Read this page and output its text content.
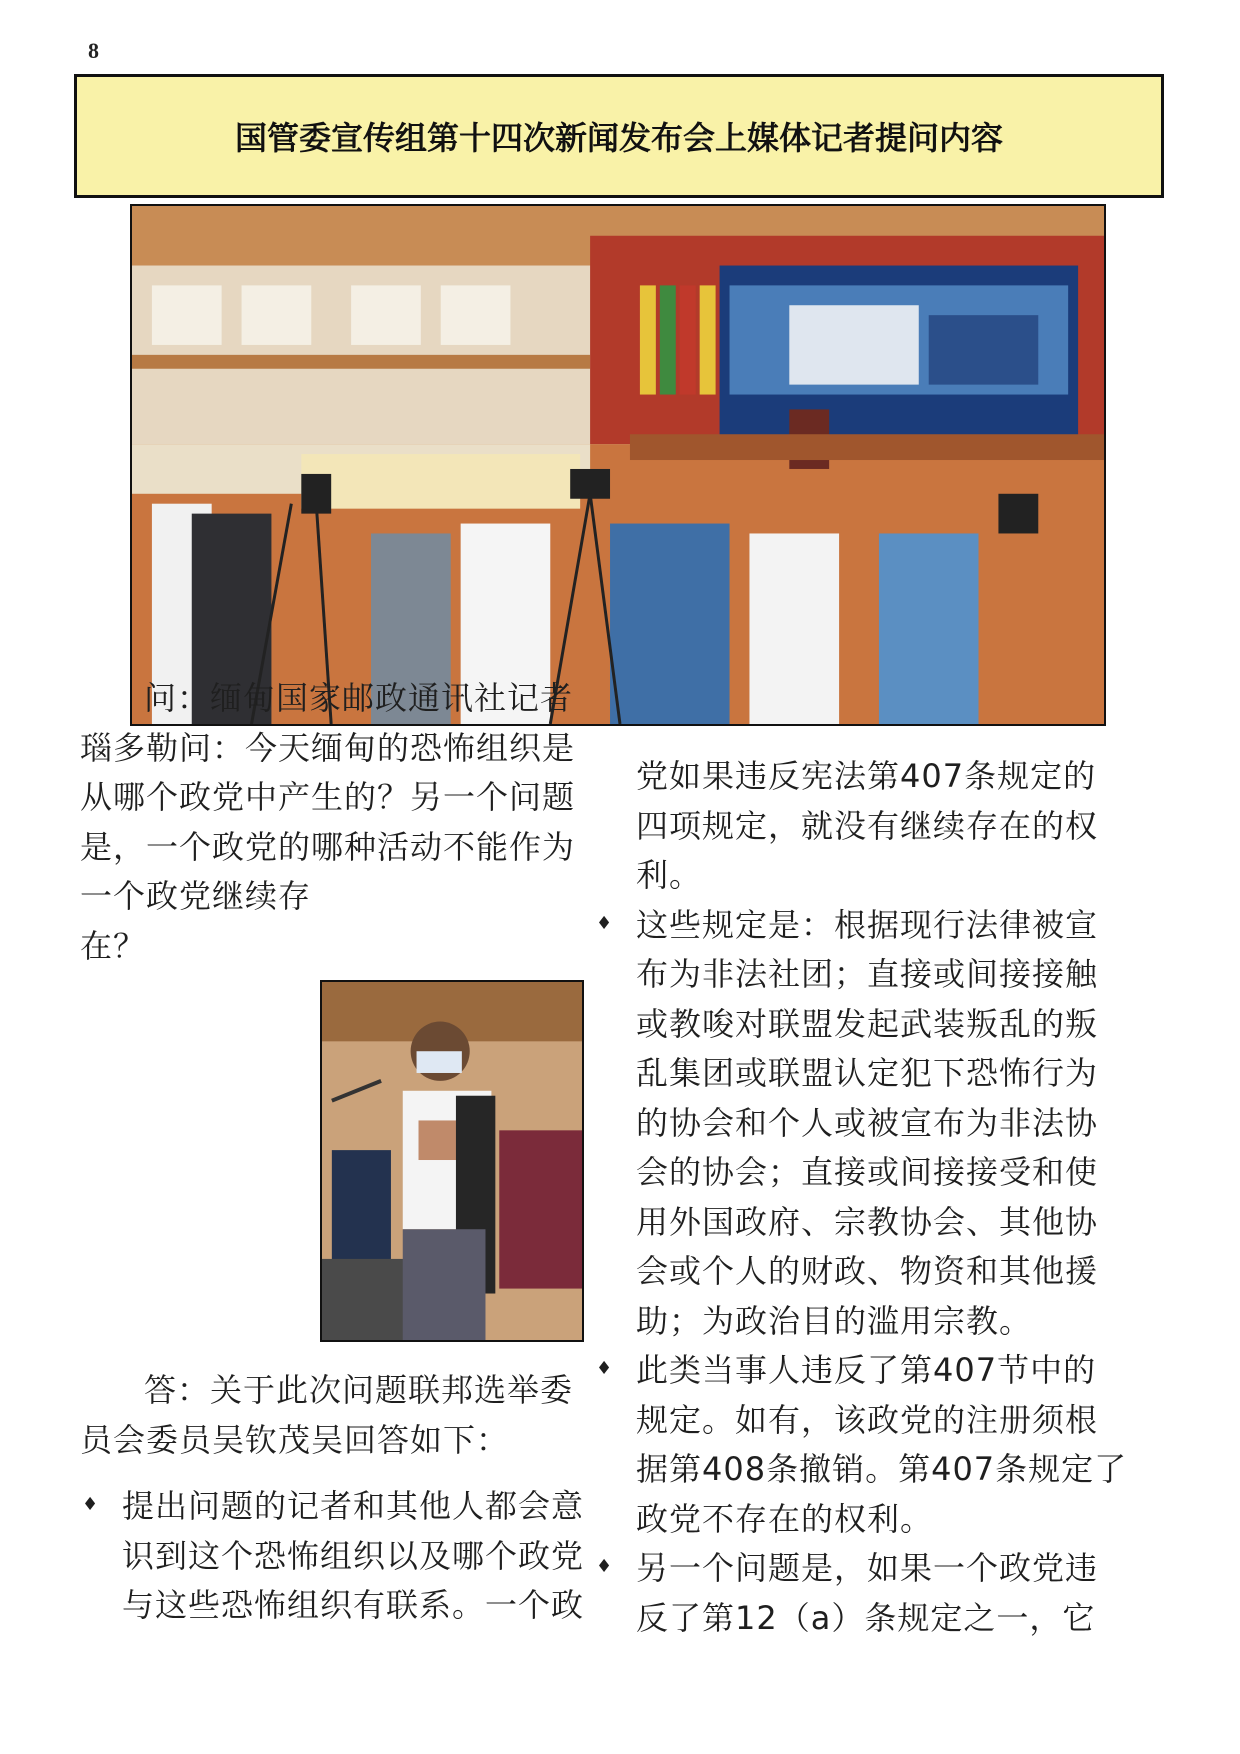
8
国管委宣传组第十四次新闻发布会上媒体记者提问内容

问：缅甸国家邮政通讯社记者

瑙多勒问：今天缅甸的恐怖组织是

从哪个政党中产生的？另一个问题

是，一个政党的哪种活动不能作为

一个政党继续存

在？

答：关于此次问题联邦选举委

员会委员吴钦茂吴回答如下：

♦ 提出问题的记者和其他人都会意

识到这个恐怖组织以及哪个政党

与这些恐怖组织有联系。一个政

党如果违反宪法第407条规定的

四项规定，就没有继续存在的权

利。

♦ 这些规定是：根据现行法律被宣

布为非法社团；直接或间接接触

或教唆对联盟发起武装叛乱的叛

乱集团或联盟认定犯下恐怖行为

的协会和个人或被宣布为非法协

会的协会；直接或间接接受和使

用外国政府、宗教协会、其他协

会或个人的财政、物资和其他援

助；为政治目的滥用宗教。

♦ 此类当事人违反了第407节中的

规定。如有，该政党的注册须根

据第408条撤销。第407条规定了

政党不存在的权利。

♦ 另一个问题是，如果一个政党违

反了第12（a）条规定之一，它
